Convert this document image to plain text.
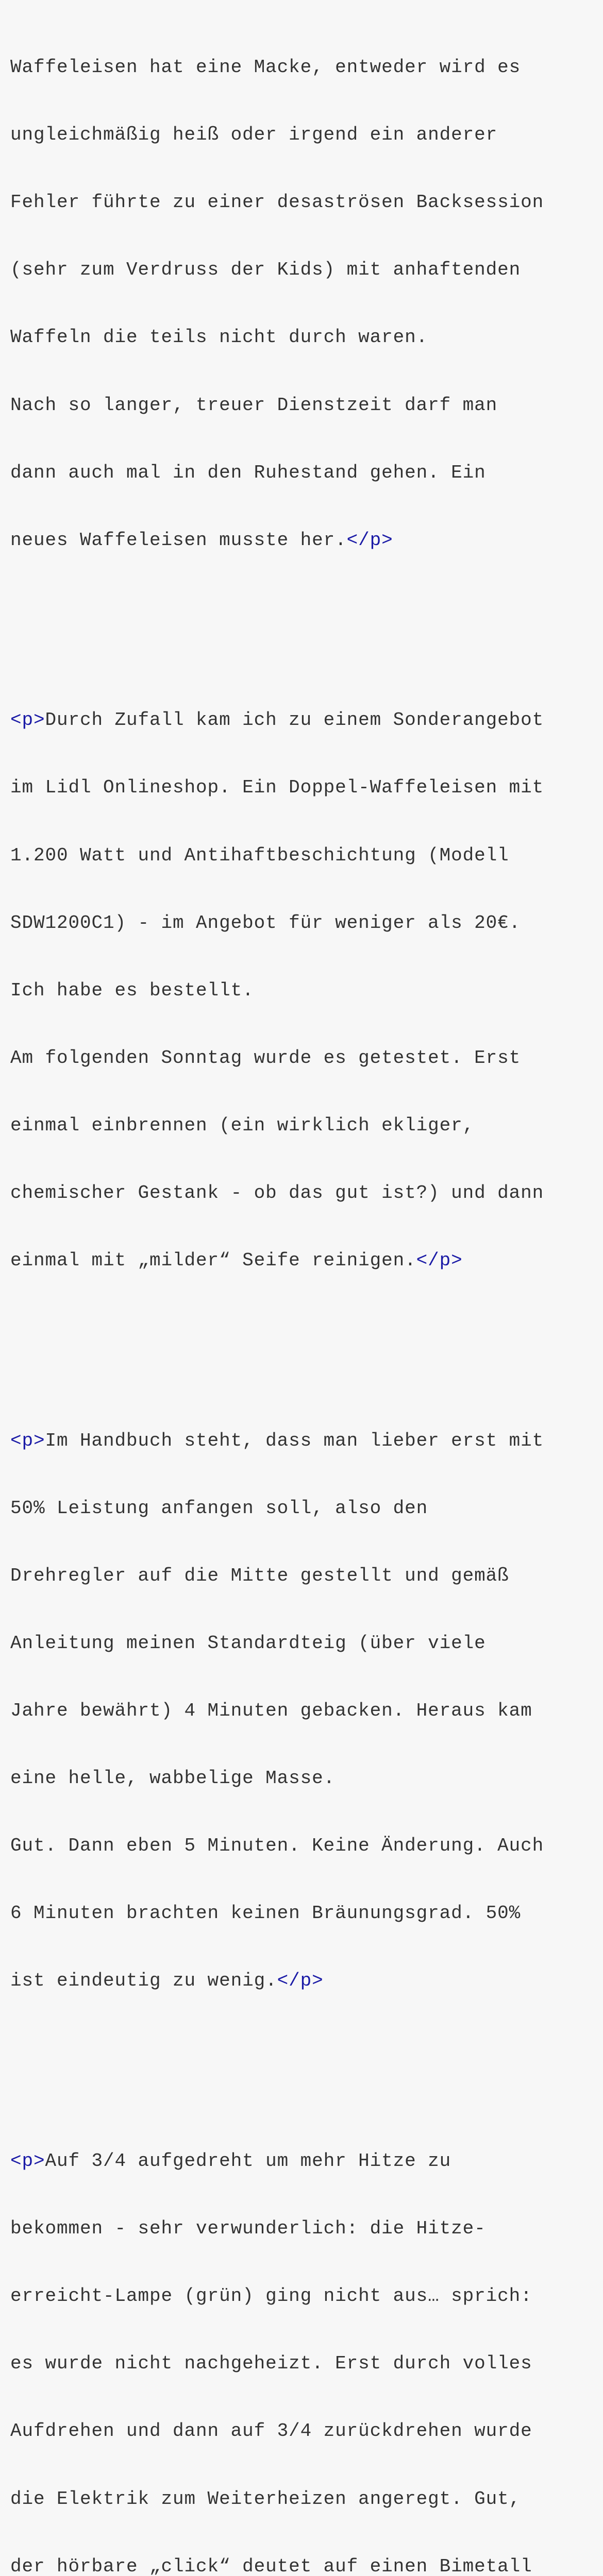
Waffeleisen hat eine Macke, entweder wird es

ungleichmäßig heiß oder irgend ein anderer

Fehler führte zu einer desaströsen Backsession

(sehr zum Verdruss der Kids) mit anhaftenden

Waffeln die teils nicht durch waren.

Nach so langer, treuer Dienstzeit darf man

dann auch mal in den Ruhestand gehen. Ein

neues Waffeleisen musste her.</p>

<p>Durch Zufall kam ich zu einem Sonderangebot

im Lidl Onlineshop. Ein Doppel-Waffeleisen mit

1.200 Watt und Antihaftbeschichtung (Modell

SDW1200C1) - im Angebot für weniger als 20€.

Ich habe es bestellt.

Am folgenden Sonntag wurde es getestet. Erst

einmal einbrennen (ein wirklich ekliger,

chemischer Gestank - ob das gut ist?) und dann

einmal mit „milder“ Seife reinigen.</p>

<p>Im Handbuch steht, dass man lieber erst mit

50% Leistung anfangen soll, also den

Drehregler auf die Mitte gestellt und gemäß

Anleitung meinen Standardteig (über viele

Jahre bewährt) 4 Minuten gebacken. Heraus kam

eine helle, wabbelige Masse.

Gut. Dann eben 5 Minuten. Keine Änderung. Auch

6 Minuten brachten keinen Bräunungsgrad. 50%

ist eindeutig zu wenig.</p>

<p>Auf 3/4 aufgedreht um mehr Hitze zu

bekommen - sehr verwunderlich: die Hitze-

erreicht-Lampe (grün) ging nicht aus… sprich:

es wurde nicht nachgeheizt. Erst durch volles

Aufdrehen und dann auf 3/4 zurückdrehen wurde

die Elektrik zum Weiterheizen angeregt. Gut,

der hörbare „click“ deutet auf einen Bimetall
